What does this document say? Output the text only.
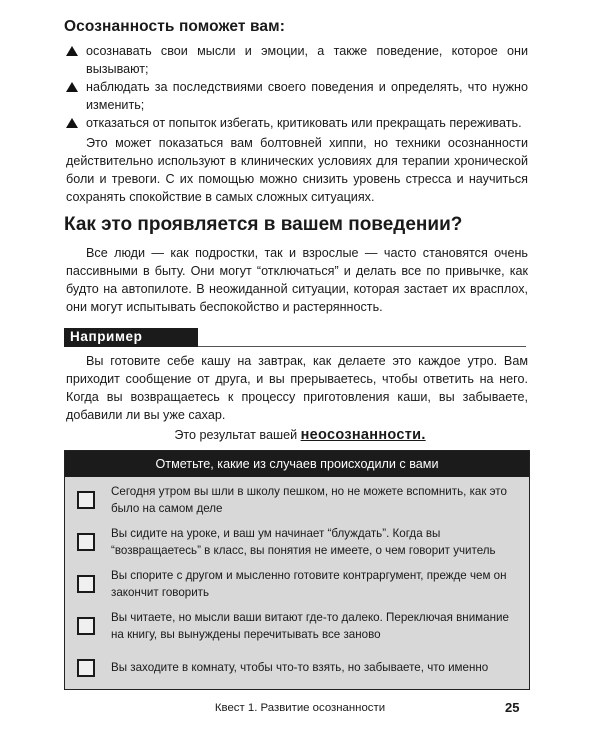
Осознанность поможет вам:
осознавать свои мысли и эмоции, а также поведение, которое они вызывают;
наблюдать за последствиями своего поведения и определять, что нужно изменить;
отказаться от попыток избегать, критиковать или прекращать переживать.
Это может показаться вам болтовней хиппи, но техники осознанности действительно используют в клинических условиях для терапии хронической боли и тревоги. С их помощью можно снизить уровень стресса и научиться сохранять спокойствие в самых сложных ситуациях.
Как это проявляется в вашем поведении?
Все люди — как подростки, так и взрослые — часто становятся очень пассивными в быту. Они могут “отключаться” и делать все по привычке, как будто на автопилоте. В неожиданной ситуации, которая застает их врасплох, они могут испытывать беспокойство и растерянность.
Например
Вы готовите себе кашу на завтрак, как делаете это каждое утро. Вам приходит сообщение от друга, и вы прерываетесь, чтобы ответить на него. Когда вы возвращаетесь к процессу приготовления каши, вы забываете, добавили ли вы уже сахар.
Это результат вашей неосознанности.
Отметьте, какие из случаев происходили с вами
Сегодня утром вы шли в школу пешком, но не можете вспомнить, как это было на самом деле
Вы сидите на уроке, и ваш ум начинает “блуждать”. Когда вы “возвращаетесь” в класс, вы понятия не имеете, о чем говорит учитель
Вы спорите с другом и мысленно готовите контраргумент, прежде чем он закончит говорить
Вы читаете, но мысли ваши витают где-то далеко. Переключая внимание на книгу, вы вынуждены перечитывать все заново
Вы заходите в комнату, чтобы что-то взять, но забываете, что именно
Квест 1. Развитие осознанности	25
